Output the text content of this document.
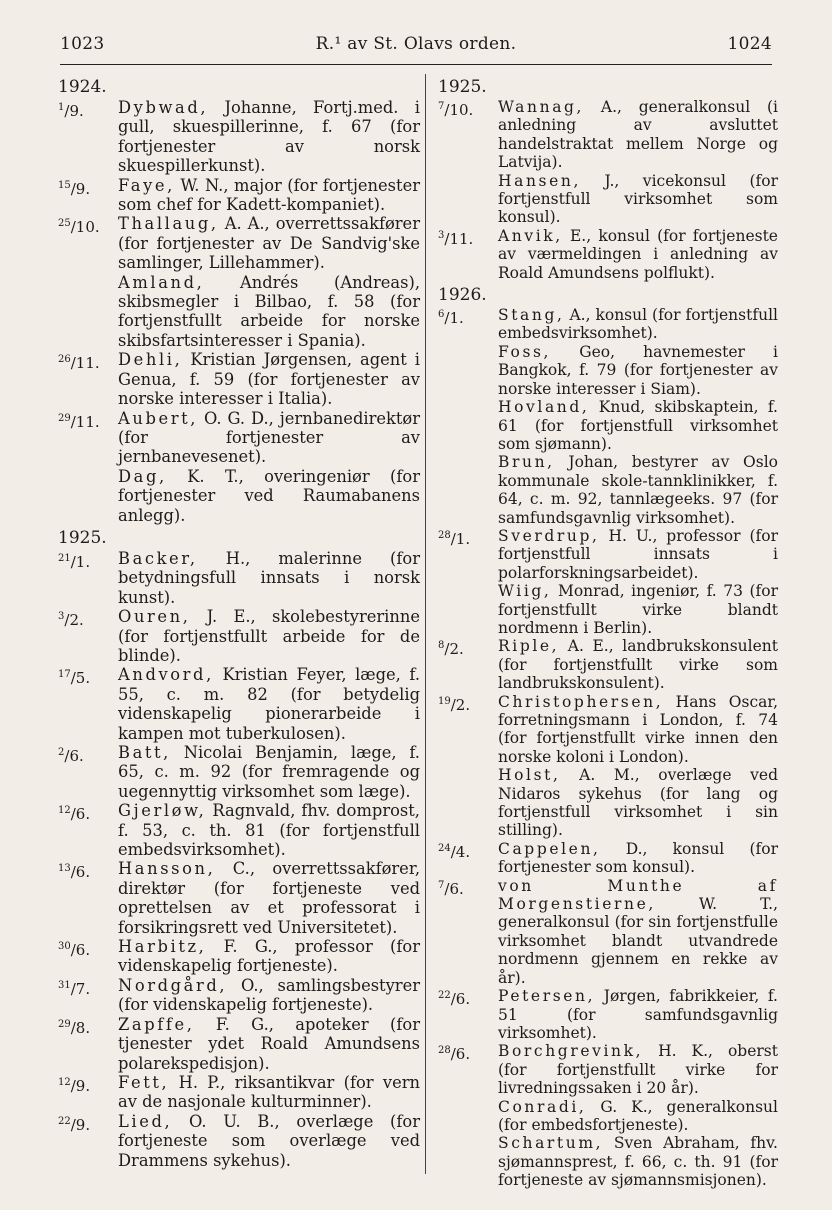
1023	R.¹ av St. Olavs orden.	1024
1924.
$^1$/9. Dybwad, Johanne, Fortj.med. i gull, skuespillerinne, f. 67 (for fortjenester av norsk skuespillerkunst).
$^{15}$/9. Faye, W. N., major (for fortjenester som chef for Kadett-kompaniet).
$^{25}$/10. Thallaug, A. A., overrettssakfører (for fortjenester av De Sandvig'ske samlinger, Lillehammer).
Amland, Andrés (Andreas), skibsmegler i Bilbao, f. 58 (for fortjenstfullt arbeide for norske skibsfartsinteresser i Spania).
$^{26}$/11. Dehli, Kristian Jørgensen, agent i Genua, f. 59 (for fortjenester av norske interesser i Italia).
$^{29}$/11. Aubert, O. G. D., jernbanedirektør (for fortjenester av jernbanevesenet).
Dag, K. T., overingeniør (for fortjenester ved Raumabanens anlegg).
1925.
$^{21}$/1. Backer, H., malerinne (for betydningsfull innsats i norsk kunst).
$^3$/2. Ouren, J. E., skolebestyrerinne (for fortjenstfullt arbeide for de blinde).
$^{17}$/5. Andvord, Kristian Feyer, læge, f. 55, c. m. 82 (for betydelig videnskapelig pionerarbeide i kampen mot tuberkulosen).
$^2$/6. Batt, Nicolai Benjamin, læge, f. 65, c. m. 92 (for fremragende og uegennyttig virksomhet som læge).
$^{12}$/6. Gjerløw, Ragnvald, fhv. domprost, f. 53, c. th. 81 (for fortjenstfull embedsvirksomhet).
$^{13}$/6. Hansson, C., overrettssakfører, direktør (for fortjeneste ved oprettelsen av et professorat i forsikringsrett ved Universitetet).
$^{30}$/6. Harbitz, F. G., professor (for videnskapelig fortjeneste).
$^{31}$/7. Nordgård, O., samlingsbestyrer (for videnskapelig fortjeneste).
$^{29}$/8. Zapffe, F. G., apoteker (for tjenester ydet Roald Amundsens polarekspedisjon).
$^{12}$/9. Fett, H. P., riksantikvar (for vern av de nasjonale kulturminner).
$^{22}$/9. Lied, O. U. B., overlæge (for fortjeneste som overlæge ved Drammens sykehus).
1925.
$^7$/10. Wannag, A., generalkonsul (i anledning av avsluttet handelstraktat mellem Norge og Latvija).
Hansen, J., vicekonsul (for fortjenstfull virksomhet som konsul).
$^3$/11. Anvik, E., konsul (for fortjeneste av værmeldingen i anledning av Roald Amundsens polflukt).
1926.
$^6$/1. Stang, A., konsul (for fortjenstfull embedsvirksomhet).
Foss, Geo, havnemester i Bangkok, f. 79 (for fortjenester av norske interesser i Siam).
Hovland, Knud, skibskaptein, f. 61 (for fortjenstfull virksomhet som sjømann).
Brun, Johan, bestyrer av Oslo kommunale skole-tannklinikker, f. 64, c. m. 92, tannlægeeks. 97 (for samfundsgavnlig virksomhet).
$^{28}$/1. Sverdrup, H. U., professor (for fortjenstfull innsats i polarforskningsarbeidet).
Wiig, Monrad, ingeniør, f. 73 (for fortjenstfullt virke blandt nordmenn i Berlin).
$^8$/2. Riple, A. E., landbrukskonsulent (for fortjenstfullt virke som landbrukskonsulent).
$^{19}$/2. Christophersen, Hans Oscar, forretningsmann i London, f. 74 (for fortjenstfullt virke innen den norske koloni i London).
Holst, A. M., overlæge ved Nidaros sykehus (for lang og fortjenstfull virksomhet i sin stilling).
$^{24}$/4. Cappelen, D., konsul (for fortjenester som konsul).
$^7$/6. von Munthe af Morgenstierne,	W. T., generalkonsul (for sin fortjenstfulle virksomhet blandt utvandrede nordmenn gjennem en rekke av år).
$^{22}$/6. Petersen, Jørgen, fabrikkeier, f. 51 (for samfundsgavnlig virksomhet).
$^{28}$/6. Borchgrevink, H. K., oberst (for fortjenstfullt virke for livredningssaken i 20 år).
Conradi, G. K., generalkonsul (for embedsfortjeneste).
Schartum, Sven Abraham, fhv. sjømannsprest, f. 66, c. th. 91 (for fortjeneste av sjømannsmisjonen).
